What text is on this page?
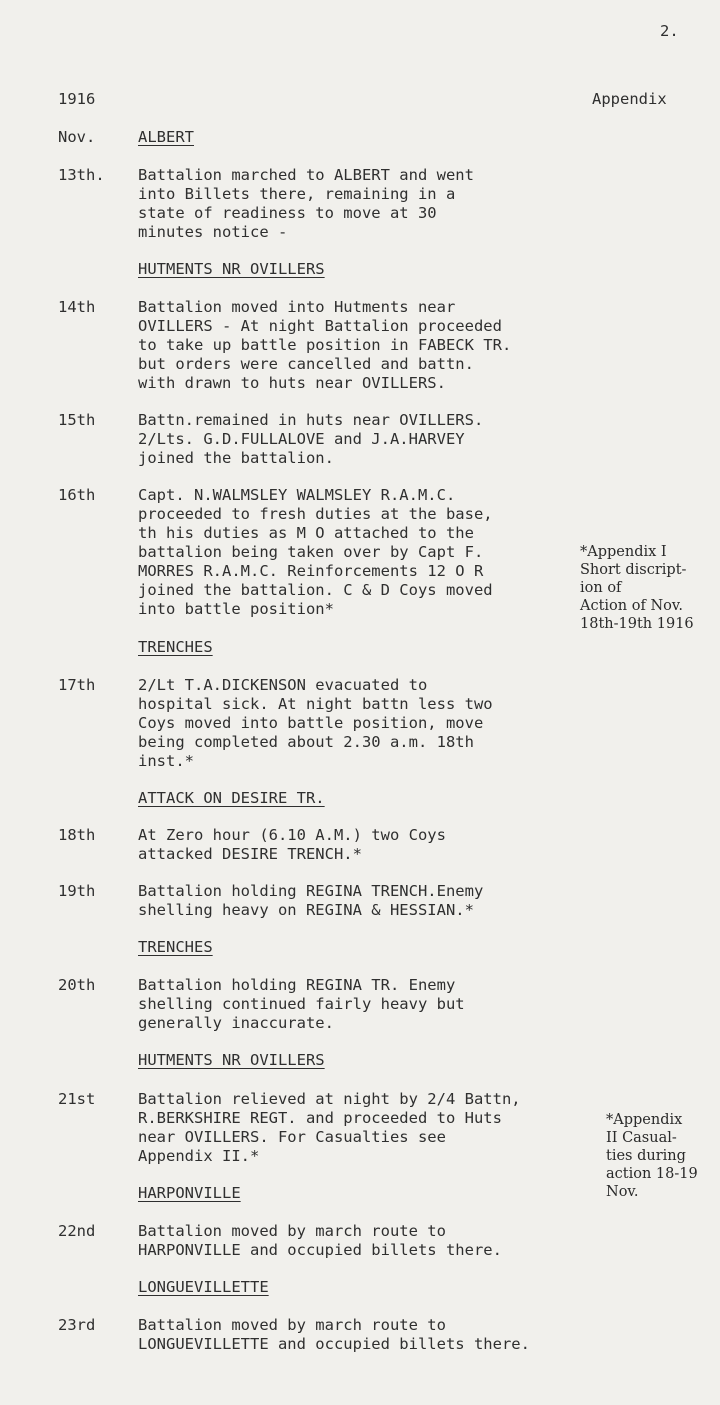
2.
1916	Appendix
Nov.	ALBERT
13th. Battalion marched to ALBERT and went
into Billets there, remaining in a
state of readiness to move at 30
minutes notice -
HUTMENTS NR OVILLERS
14th	Battalion moved into Hutments near
OVILLERS - At night Battalion proceeded
to take up battle position in FABECK TR.
but orders were cancelled and battn.
with drawn to huts near OVILLERS.
15th	Battn.remained in huts near OVILLERS.
2/Lts. G.D.FULLALOVE and J.A.HARVEY
joined the battalion.
16th	Capt. N.WALMSLEY WALMSLEY R.A.M.C.
proceeded to fresh duties at the base,
th his duties as M O attached to the
battalion being taken over by Capt F.
MORRES R.A.M.C. Reinforcements 12 O R
joined the battalion. C & D Coys moved
into battle position*
*Appendix I
Short discript-
ion of
Action of Nov.
18th-19th 1916
TRENCHES
17th	2/Lt T.A.DICKENSON evacuated to
hospital sick. At night battn less two
Coys moved into battle position, move
being completed about 2.30 a.m. 18th
inst.*
ATTACK ON DESIRE TR.
18th	At Zero hour (6.10 A.M.) two Coys
attacked DESIRE TRENCH.*
19th	Battalion holding REGINA TRENCH.Enemy
shelling heavy on REGINA & HESSIAN.*
TRENCHES
20th	Battalion holding REGINA TR. Enemy
shelling continued fairly heavy but
generally inaccurate.
HUTMENTS NR OVILLERS
21st	Battalion relieved at night by 2/4 Battn,
R.BERKSHIRE REGT. and proceeded to Huts
near OVILLERS. For Casualties see
Appendix II.*
*Appendix
II Casual-
ties during
action 18-19
Nov.
HARPONVILLE
22nd	Battalion moved by march route to
HARPONVILLE and occupied billets there.
LONGUEVILLETTE
23rd	Battalion moved by march route to
LONGUEVILLETTE and occupied billets there.
